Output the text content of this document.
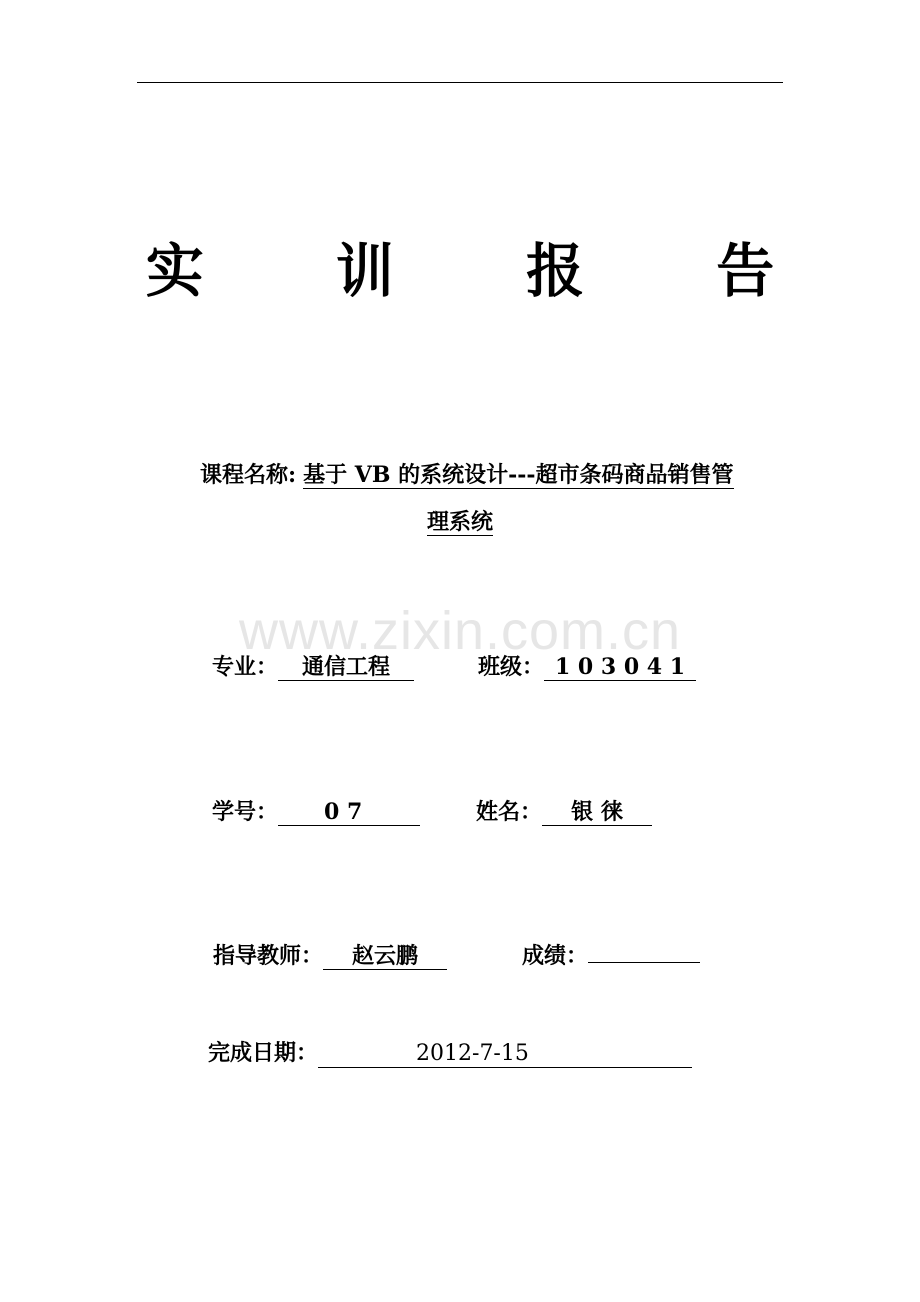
实 训 报 告
www.zixin.com.cn
课程名称: 基于 VB 的系统设计---超市条码商品销售管
理系统
专业： 通信工程	班级： 1 0 3 0 4 1
学号： 0 7	姓名： 银 徕
指导教师： 赵云鹏	成绩：
完成日期：	2012-7-15
